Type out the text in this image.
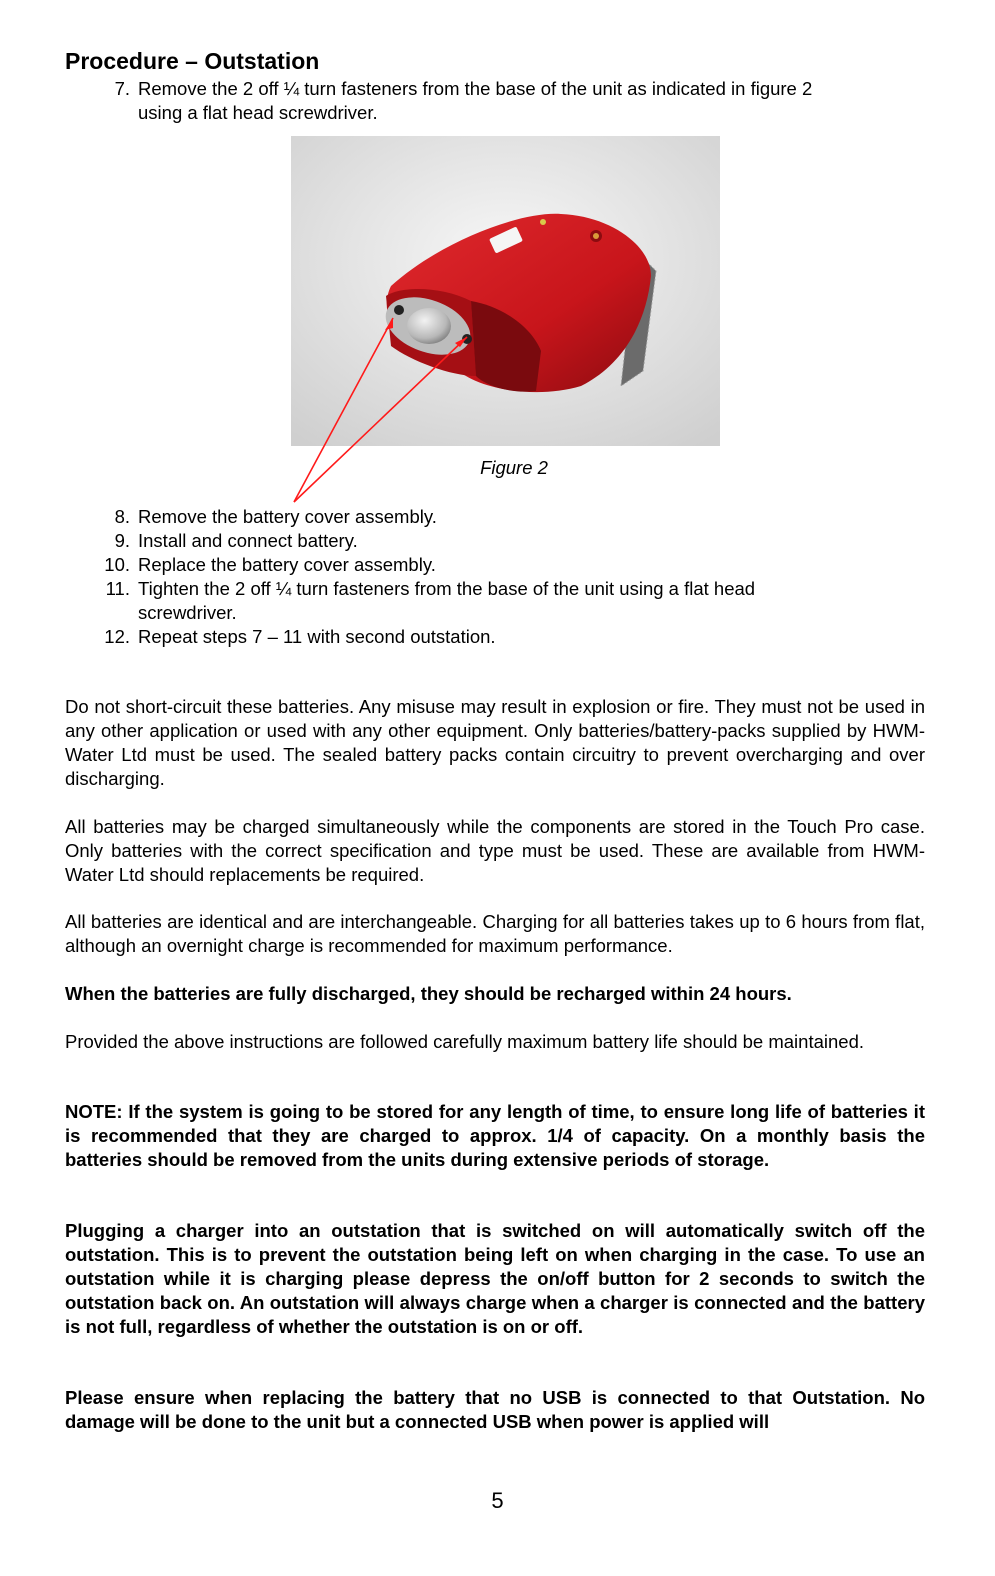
Procedure – Outstation
7. Remove the 2 off ¼ turn fasteners from the base of the unit as indicated in figure 2
using a flat head screwdriver.
Figure 2
8. Remove the battery cover assembly.
9. Install and connect battery.
10. Replace the battery cover assembly.
11. Tighten the 2 off ¼ turn fasteners from the base of the unit using a flat head
screwdriver.
12. Repeat steps 7 – 11 with second outstation.
Do not short-circuit these batteries. Any misuse may result in explosion or fire. They must not be used in any other application or used with any other equipment. Only batteries/battery-packs supplied by HWM-Water Ltd must be used. The sealed battery packs contain circuitry to prevent overcharging and over discharging.
All batteries may be charged simultaneously while the components are stored in the Touch Pro case. Only batteries with the correct specification and type must be used. These are available from HWM-Water Ltd should replacements be required.
All batteries are identical and are interchangeable. Charging for all batteries takes up to 6 hours from flat, although an overnight charge is recommended for maximum performance.
When the batteries are fully discharged, they should be recharged within 24 hours.
Provided the above instructions are followed carefully maximum battery life should be maintained.
NOTE: If the system is going to be stored for any length of time, to ensure long life of batteries it is recommended that they are charged to approx. 1/4 of capacity. On a monthly basis the batteries should be removed from the units during extensive periods of storage.
Plugging a charger into an outstation that is switched on will automatically switch off the outstation. This is to prevent the outstation being left on when charging in the case. To use an outstation while it is charging please depress the on/off button for 2 seconds to switch the outstation back on. An outstation will always charge when a charger is connected and the battery is not full, regardless of whether the outstation is on or off.
Please ensure when replacing the battery that no USB is connected to that Outstation. No damage will be done to the unit but a connected USB when power is applied will
5
